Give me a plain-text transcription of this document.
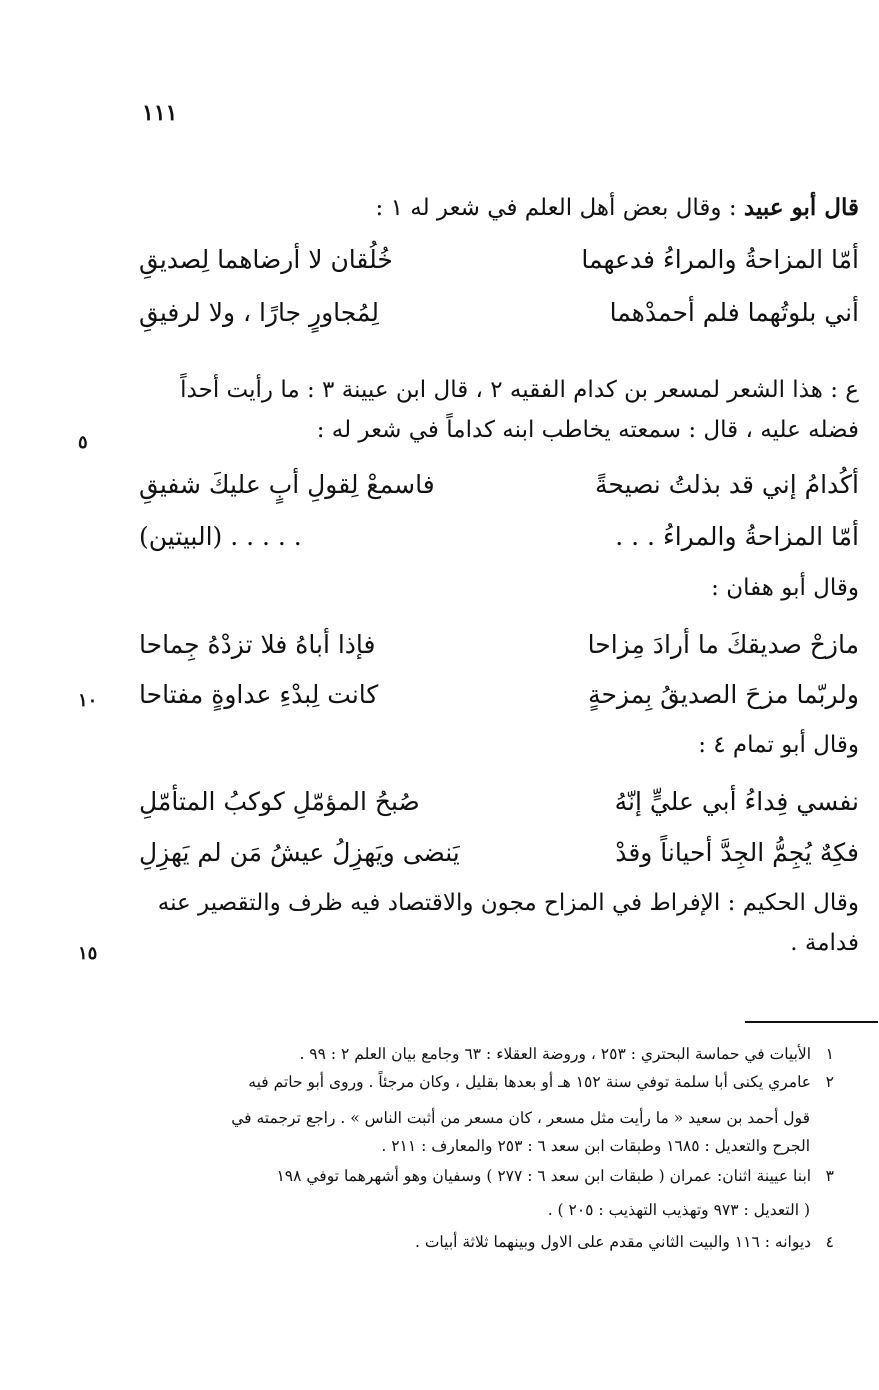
١١١
قال أبو عبيد : وقال بعض أهل العلم في شعر له ١ :
أمّا المزاحةُ والمراءُ فدعهما
خُلُقان لا أرضاهما لِصديقِ
أني بلوتُهما فلم أحمدْهما
لِمُجاورٍ جارًا ، ولا لرفيقِ
ع : هذا الشعر لمسعر بن كدام الفقيه ٢ ، قال ابن عيينة ٣ : ما رأيت أحداً
فضله عليه ، قال : سمعته يخاطب ابنه كداماً في شعر له :
٥
أكُدامُ إني قد بذلتُ نصيحةً
فاسمعْ لِقولِ أبٍ عليكَ شفيقِ
أمّا المزاحةُ والمراءُ . . .
. . . . . (البيتين)
وقال أبو هفان :
مازحْ صديقكَ ما أرادَ مِزاحا
فإذا أباهُ فلا تزدْهُ جِماحا
ولربّما مزحَ الصديقُ بِمزحةٍ
كانت لِبدْءِ عداوةٍ مفتاحا
١٠
وقال أبو تمام ٤ :
نفسي فِداءُ أبي عليٍّ إنّهُ
صُبحُ المؤمّلِ كوكبُ المتأمّلِ
فكِهٌ يُجِمُّ الجِدَّ أحياناً وقدْ
يَنضى ويَهزِلُ عيشُ مَن لم يَهزِلِ
وقال الحكيم : الإفراط في المزاح مجون والاقتصاد فيه ظرف والتقصير عنه
فدامة .
١٥
١ الأبيات في حماسة البحتري : ٢٥٣ ، وروضة العقلاء : ٦٣ وجامع بيان العلم ٢ : ٩٩ .
٢ عامري يكنى أبا سلمة توفي سنة ١٥٢ هـ أو بعدها بقليل ، وكان مرجئاً . وروى أبو حاتم فيه
قول أحمد بن سعيد « ما رأيت مثل مسعر ، كان مسعر من أثبت الناس » . راجع ترجمته في
الجرح والتعديل : ١٦٨٥ وطبقات ابن سعد ٦ : ٢٥٣ والمعارف : ٢١١ .
٣ ابنا عيينة اثنان: عمران ( طبقات ابن سعد ٦ : ٢٧٧ ) وسفيان وهو أشهرهما توفي ١٩٨
( التعديل : ٩٧٣ وتهذيب التهذيب : ٢٠٥ ) .
٤ ديوانه : ١١٦ والبيت الثاني مقدم على الاول وبينهما ثلاثة أبيات .
